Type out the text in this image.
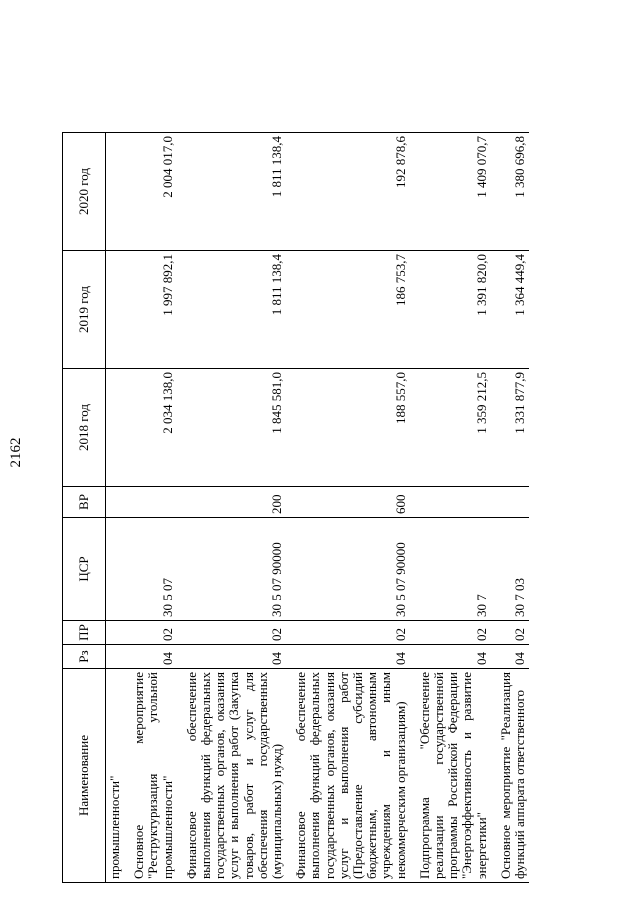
2162
Наименование	Рз	ПР	ЦСР	ВР	2018 год	2019 год	2020 год
промышленности"							

Основное мероприятие "Реструктуризация угольной промышленности"	04	02	30 5 07		2 034 138,0	1 997 892,1	2 004 017,0

Финансовое обеспечение выполнения функций федеральных государственных органов, оказания услуг и выполнения работ (Закупка товаров, работ и услуг для обеспечения государственных (муниципальных) нужд)	04	02	30 5 07 90000	200	1 845 581,0	1 811 138,4	1 811 138,4

Финансовое обеспечение выполнения функций федеральных государственных органов, оказания услуг и выполнения работ (Предоставление субсидий бюджетным, автономным учреждениям и иным некоммерческим организациям)	04	02	30 5 07 90000	600	188 557,0	186 753,7	192 878,6

Подпрограмма "Обеспечение реализации государственной программы Российской Федерации "Энергоэффективность и развитие энергетики"	04	02	30 7		1 359 212,5	1 391 820,0	1 409 070,7

Основное мероприятие "Реализация функций аппарата ответственного	04	02	30 7 03		1 331 877,9	1 364 449,4	1 380 696,8
